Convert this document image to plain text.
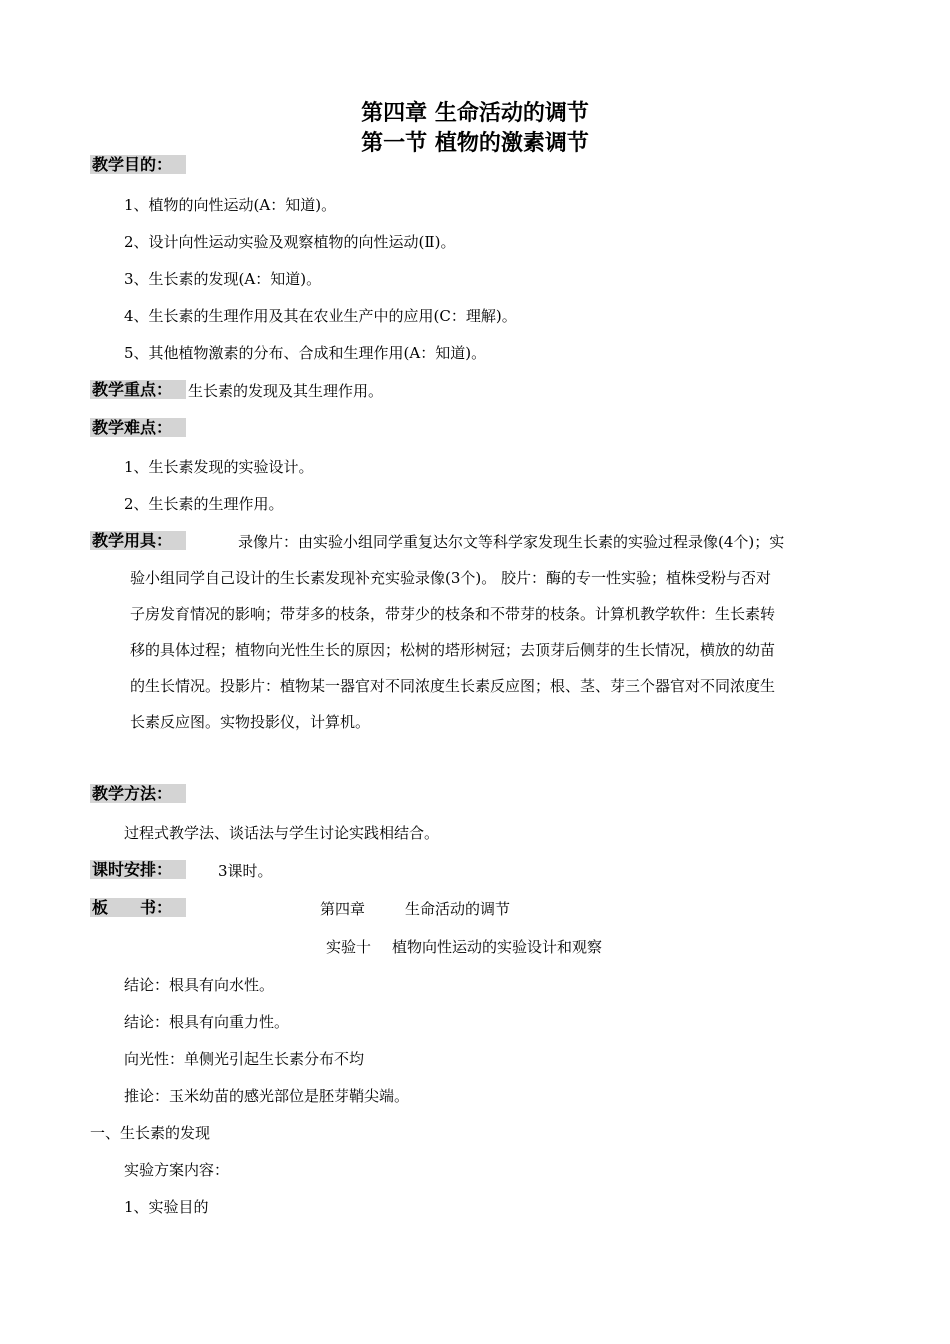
第四章 生命活动的调节
第一节 植物的激素调节
教学目的：
1、植物的向性运动(A：知道)。
2、设计向性运动实验及观察植物的向性运动(Ⅱ)。
3、生长素的发现(A：知道)。
4、生长素的生理作用及其在农业生产中的应用(C：理解)。
5、其他植物激素的分布、合成和生理作用(A：知道)。
教学重点：	生长素的发现及其生理作用。
教学难点：
1、生长素发现的实验设计。
2、生长素的生理作用。
教学用具：	录像片：由实验小组同学重复达尔文等科学家发现生长素的实验过程录像(4个)；实
验小组同学自己设计的生长素发现补充实验录像(3个)。 胶片：酶的专一性实验；植株受粉与否对
子房发育情况的影响；带芽多的枝条，带芽少的枝条和不带芽的枝条。计算机教学软件：生长素转
移的具体过程；植物向光性生长的原因；松树的塔形树冠；去顶芽后侧芽的生长情况，横放的幼苗
的生长情况。投影片：植物某一器官对不同浓度生长素反应图；根、茎、芽三个器官对不同浓度生
长素反应图。实物投影仪，计算机。
教学方法：
过程式教学法、谈话法与学生讨论实践相结合。
课时安排：	3课时。
板　　书：	第四章	生命活动的调节
实验十 植物向性运动的实验设计和观察
结论：根具有向水性。
结论：根具有向重力性。
向光性：单侧光引起生长素分布不均
推论：玉米幼苗的感光部位是胚芽鞘尖端。
一、生长素的发现
实验方案内容：
1、实验目的
